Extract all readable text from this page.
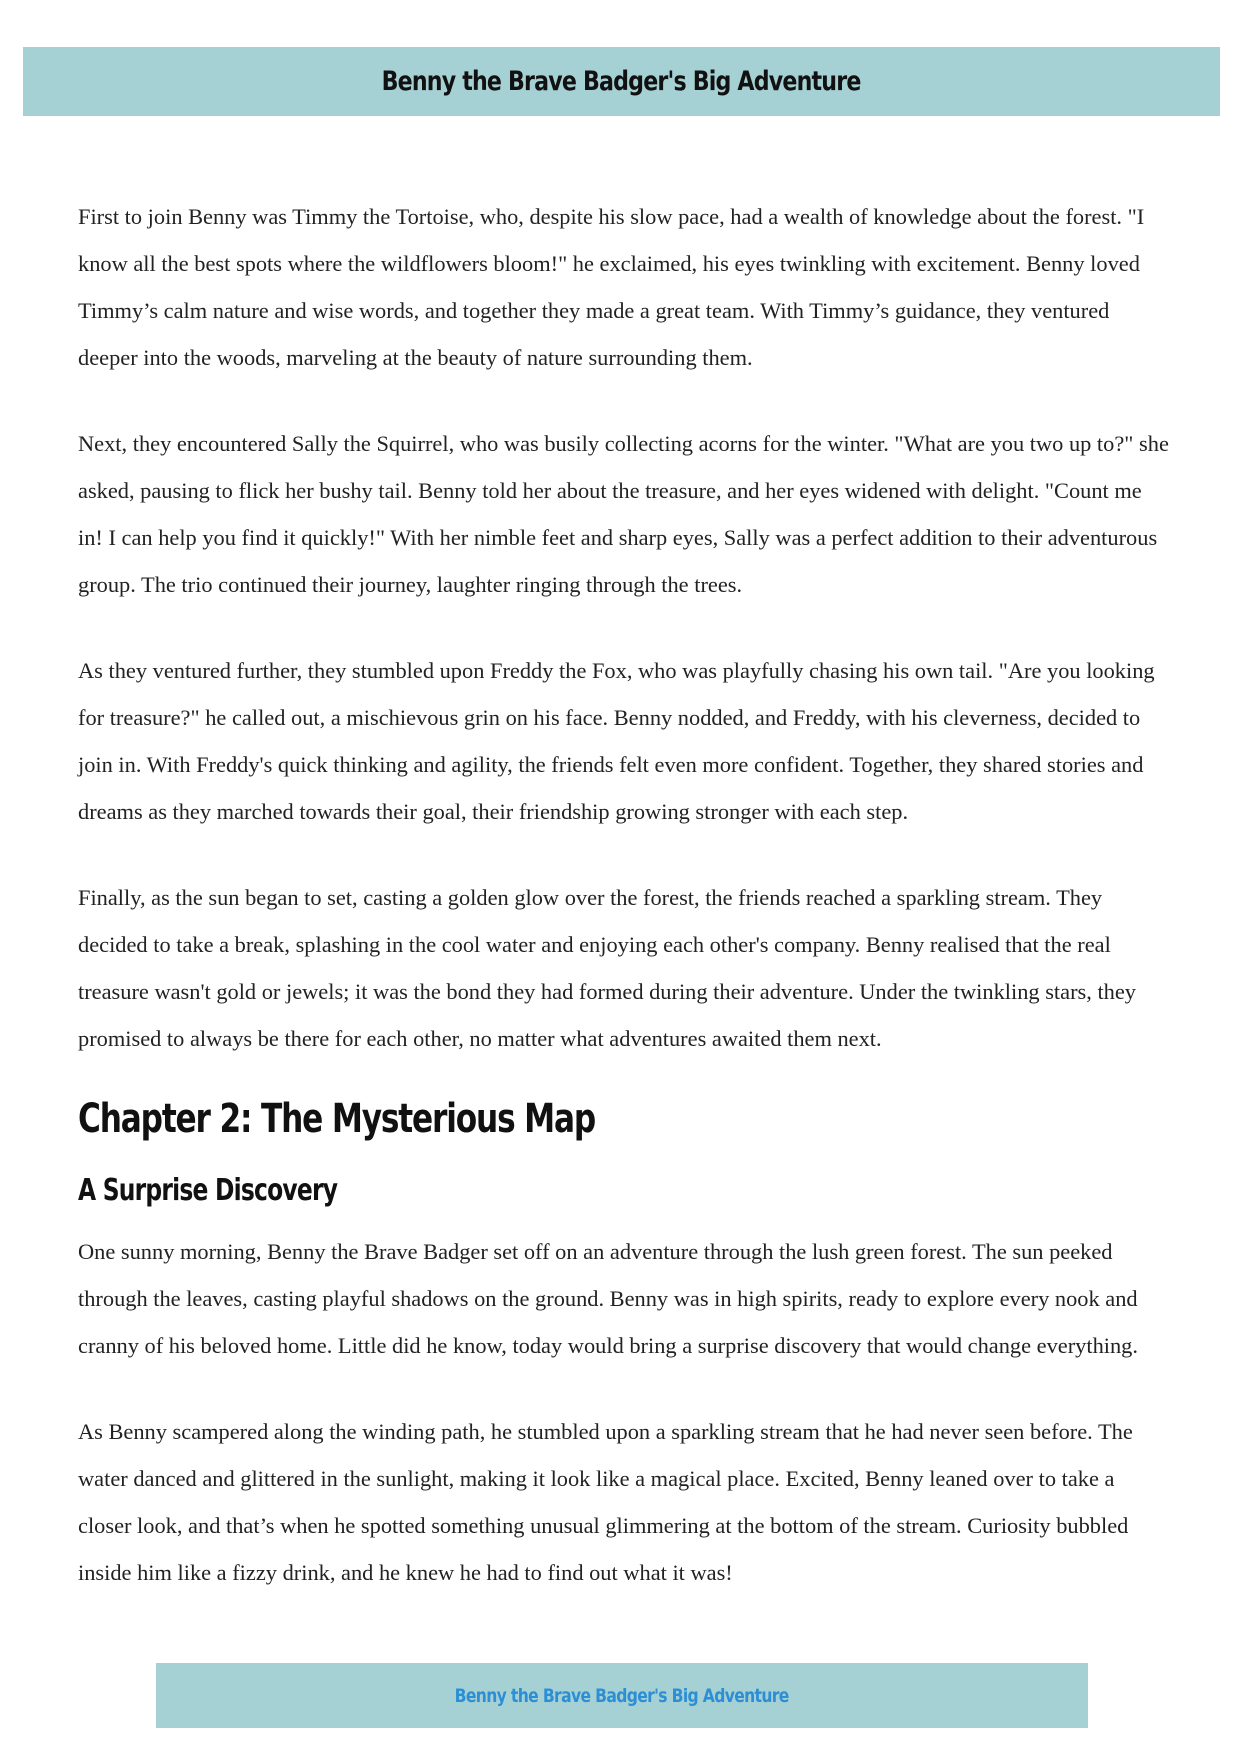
Benny the Brave Badger's Big Adventure

First to join Benny was Timmy the Tortoise, who, despite his slow pace, had a wealth of knowledge about the forest. "I know all the best spots where the wildflowers bloom!" he exclaimed, his eyes twinkling with excitement. Benny loved Timmy’s calm nature and wise words, and together they made a great team. With Timmy’s guidance, they ventured deeper into the woods, marveling at the beauty of nature surrounding them.

Next, they encountered Sally the Squirrel, who was busily collecting acorns for the winter. "What are you two up to?" she asked, pausing to flick her bushy tail. Benny told her about the treasure, and her eyes widened with delight. "Count me in! I can help you find it quickly!" With her nimble feet and sharp eyes, Sally was a perfect addition to their adventurous group. The trio continued their journey, laughter ringing through the trees.

As they ventured further, they stumbled upon Freddy the Fox, who was playfully chasing his own tail. "Are you looking for treasure?" he called out, a mischievous grin on his face. Benny nodded, and Freddy, with his cleverness, decided to join in. With Freddy's quick thinking and agility, the friends felt even more confident. Together, they shared stories and dreams as they marched towards their goal, their friendship growing stronger with each step.

Finally, as the sun began to set, casting a golden glow over the forest, the friends reached a sparkling stream. They decided to take a break, splashing in the cool water and enjoying each other's company. Benny realised that the real treasure wasn't gold or jewels; it was the bond they had formed during their adventure. Under the twinkling stars, they promised to always be there for each other, no matter what adventures awaited them next.

Chapter 2: The Mysterious Map
A Surprise Discovery

One sunny morning, Benny the Brave Badger set off on an adventure through the lush green forest. The sun peeked through the leaves, casting playful shadows on the ground. Benny was in high spirits, ready to explore every nook and cranny of his beloved home. Little did he know, today would bring a surprise discovery that would change everything.

As Benny scampered along the winding path, he stumbled upon a sparkling stream that he had never seen before. The water danced and glittered in the sunlight, making it look like a magical place. Excited, Benny leaned over to take a closer look, and that’s when he spotted something unusual glimmering at the bottom of the stream. Curiosity bubbled inside him like a fizzy drink, and he knew he had to find out what it was!

Benny the Brave Badger's Big Adventure
